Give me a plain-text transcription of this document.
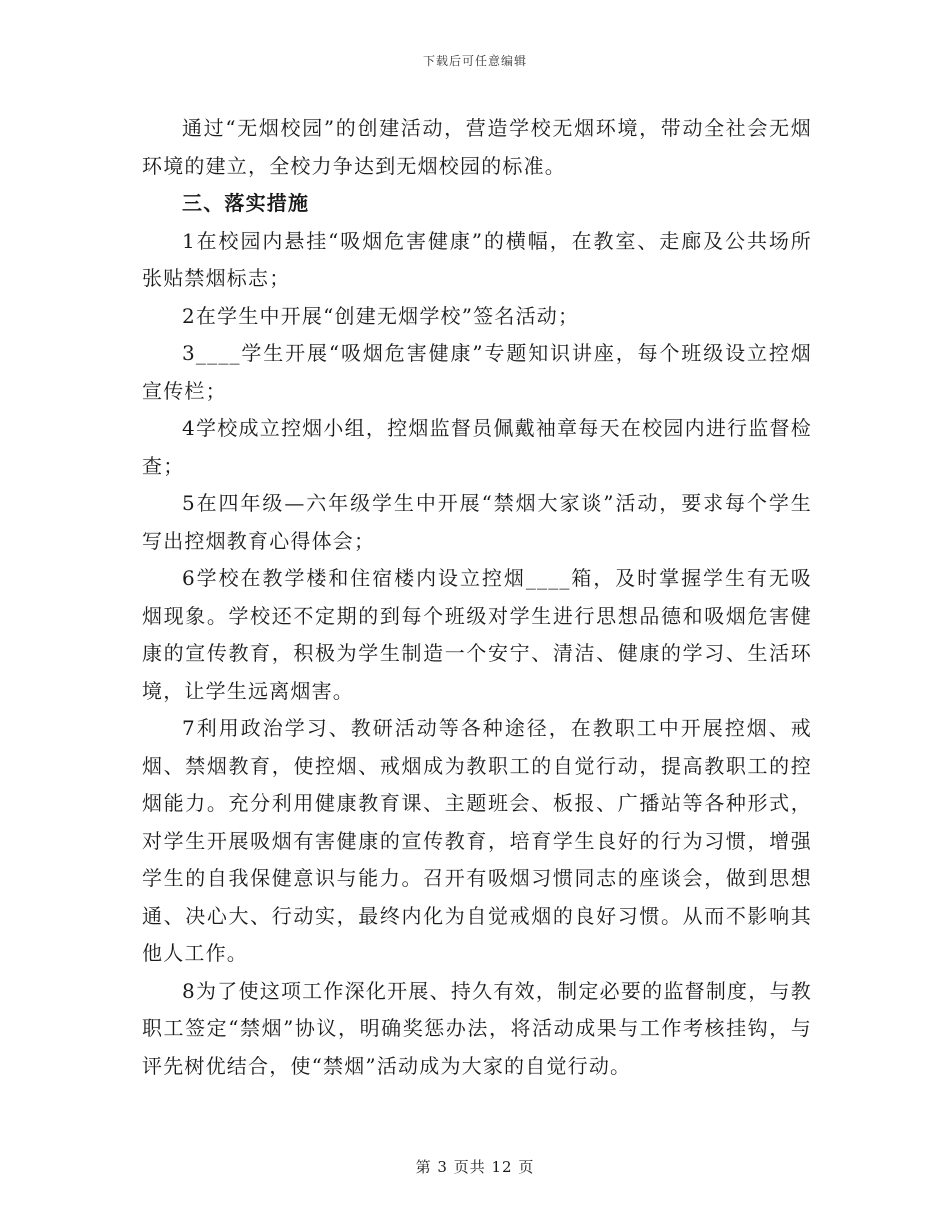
下载后可任意编辑

通过“无烟校园”的创建活动，营造学校无烟环境，带动全社会无烟环境的建立，全校力争达到无烟校园的标准。

三、落实措施

1在校园内悬挂“吸烟危害健康”的横幅，在教室、走廊及公共场所张贴禁烟标志；

2在学生中开展“创建无烟学校”签名活动；

3____学生开展“吸烟危害健康”专题知识讲座，每个班级设立控烟宣传栏；

4学校成立控烟小组，控烟监督员佩戴袖章每天在校园内进行监督检查；

5在四年级—六年级学生中开展“禁烟大家谈”活动，要求每个学生写出控烟教育心得体会；

6学校在教学楼和住宿楼内设立控烟____箱，及时掌握学生有无吸烟现象。学校还不定期的到每个班级对学生进行思想品德和吸烟危害健康的宣传教育，积极为学生制造一个安宁、清洁、健康的学习、生活环境，让学生远离烟害。

7利用政治学习、教研活动等各种途径，在教职工中开展控烟、戒烟、禁烟教育，使控烟、戒烟成为教职工的自觉行动，提高教职工的控烟能力。充分利用健康教育课、主题班会、板报、广播站等各种形式，对学生开展吸烟有害健康的宣传教育，培育学生良好的行为习惯，增强学生的自我保健意识与能力。召开有吸烟习惯同志的座谈会，做到思想通、决心大、行动实，最终内化为自觉戒烟的良好习惯。从而不影响其他人工作。

8为了使这项工作深化开展、持久有效，制定必要的监督制度，与教职工签定“禁烟”协议，明确奖惩办法，将活动成果与工作考核挂钩，与评先树优结合，使“禁烟”活动成为大家的自觉行动。

第 3 页共 12 页
